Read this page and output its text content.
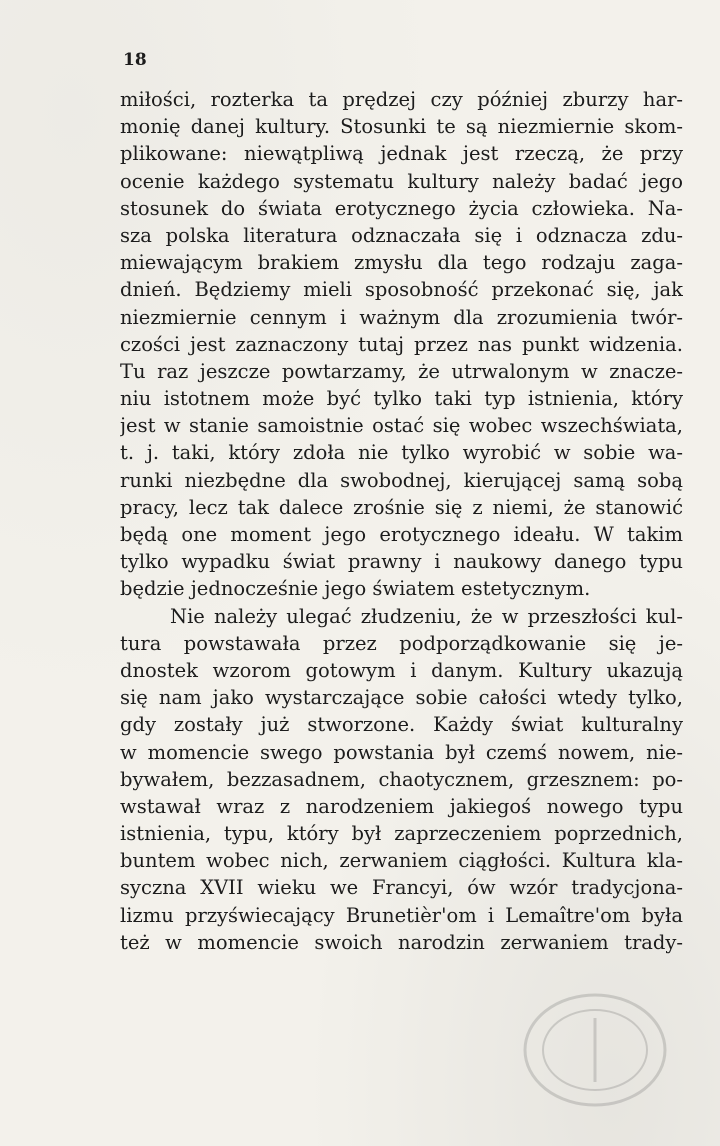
18
miłości, rozterka ta prędzej czy później zburzy har-
monię danej kultury. Stosunki te są niezmiernie skom-
plikowane: niewątpliwą jednak jest rzeczą, że przy
ocenie każdego systematu kultury należy badać jego
stosunek do świata erotycznego życia człowieka. Na-
sza polska literatura odznaczała się i odznacza zdu-
miewającym brakiem zmysłu dla tego rodzaju zaga-
dnień. Będziemy mieli sposobność przekonać się, jak
niezmiernie cennym i ważnym dla zrozumienia twór-
czości jest zaznaczony tutaj przez nas punkt widzenia.
Tu raz jeszcze powtarzamy, że utrwalonym w znacze-
niu istotnem może być tylko taki typ istnienia, który
jest w stanie samoistnie ostać się wobec wszechświata,
t. j. taki, który zdoła nie tylko wyrobić w sobie wa-
runki niezbędne dla swobodnej, kierującej samą sobą
pracy, lecz tak dalece zrośnie się z niemi, że stanowić
będą one moment jego erotycznego ideału. W takim
tylko wypadku świat prawny i naukowy danego typu
będzie jednocześnie jego światem estetycznym.
Nie należy ulegać złudzeniu, że w przeszłości kul-
tura powstawała przez podporządkowanie się je-
dnostek wzorom gotowym i danym. Kultury ukazują
się nam jako wystarczające sobie całości wtedy tylko,
gdy zostały już stworzone. Każdy świat kulturalny
w momencie swego powstania był czemś nowem, nie-
bywałem, bezzasadnem, chaotycznem, grzesznem: po-
wstawał wraz z narodzeniem jakiegoś nowego typu
istnienia, typu, który był zaprzeczeniem poprzednich,
buntem wobec nich, zerwaniem ciągłości. Kultura kla-
syczna XVII wieku we Francyi, ów wzór tradycjona-
lizmu przyświecający Brunetièr'om i Lemaître'om była
też w momencie swoich narodzin zerwaniem trady-
